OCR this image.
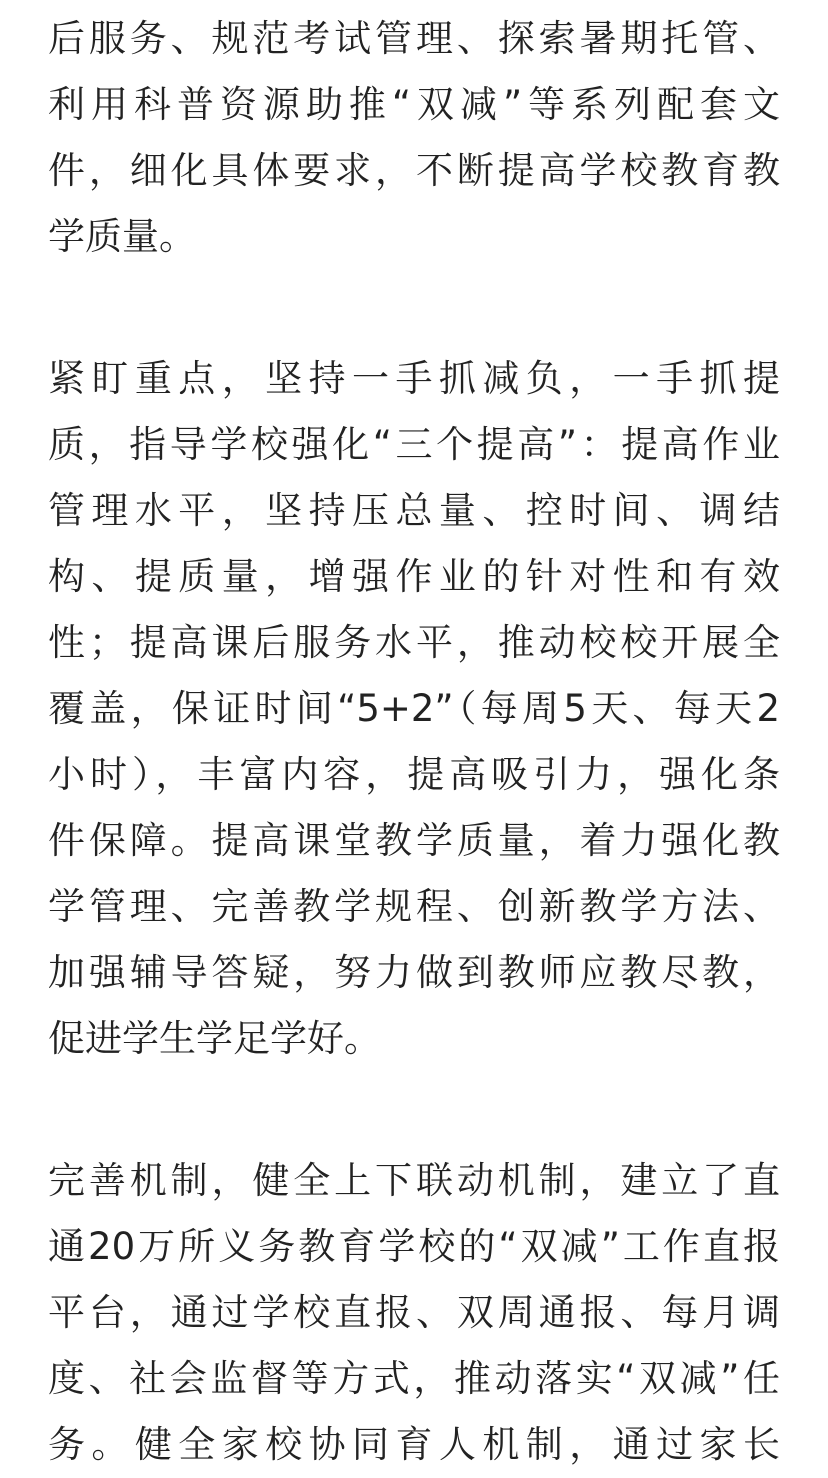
后服务、规范考试管理、探索暑期托管、
利用科普资源助推“双减”等系列配套文
件，细化具体要求，不断提高学校教育教
学质量。
紧盯重点，坚持一手抓减负，一手抓提
质，指导学校强化“三个提高”：提高作业
管理水平，坚持压总量、控时间、调结
构、提质量，增强作业的针对性和有效
性；提高课后服务水平，推动校校开展全
覆盖，保证时间“5+2”（每周5天、每天2
小时），丰富内容，提高吸引力，强化条
件保障。提高课堂教学质量，着力强化教
学管理、完善教学规程、创新教学方法、
加强辅导答疑，努力做到教师应教尽教，
促进学生学足学好。
完善机制，健全上下联动机制，建立了直
通20万所义务教育学校的“双减”工作直报
平台，通过学校直报、双周通报、每月调
度、社会监督等方式，推动落实“双减”任
务。健全家校协同育人机制，通过家长
